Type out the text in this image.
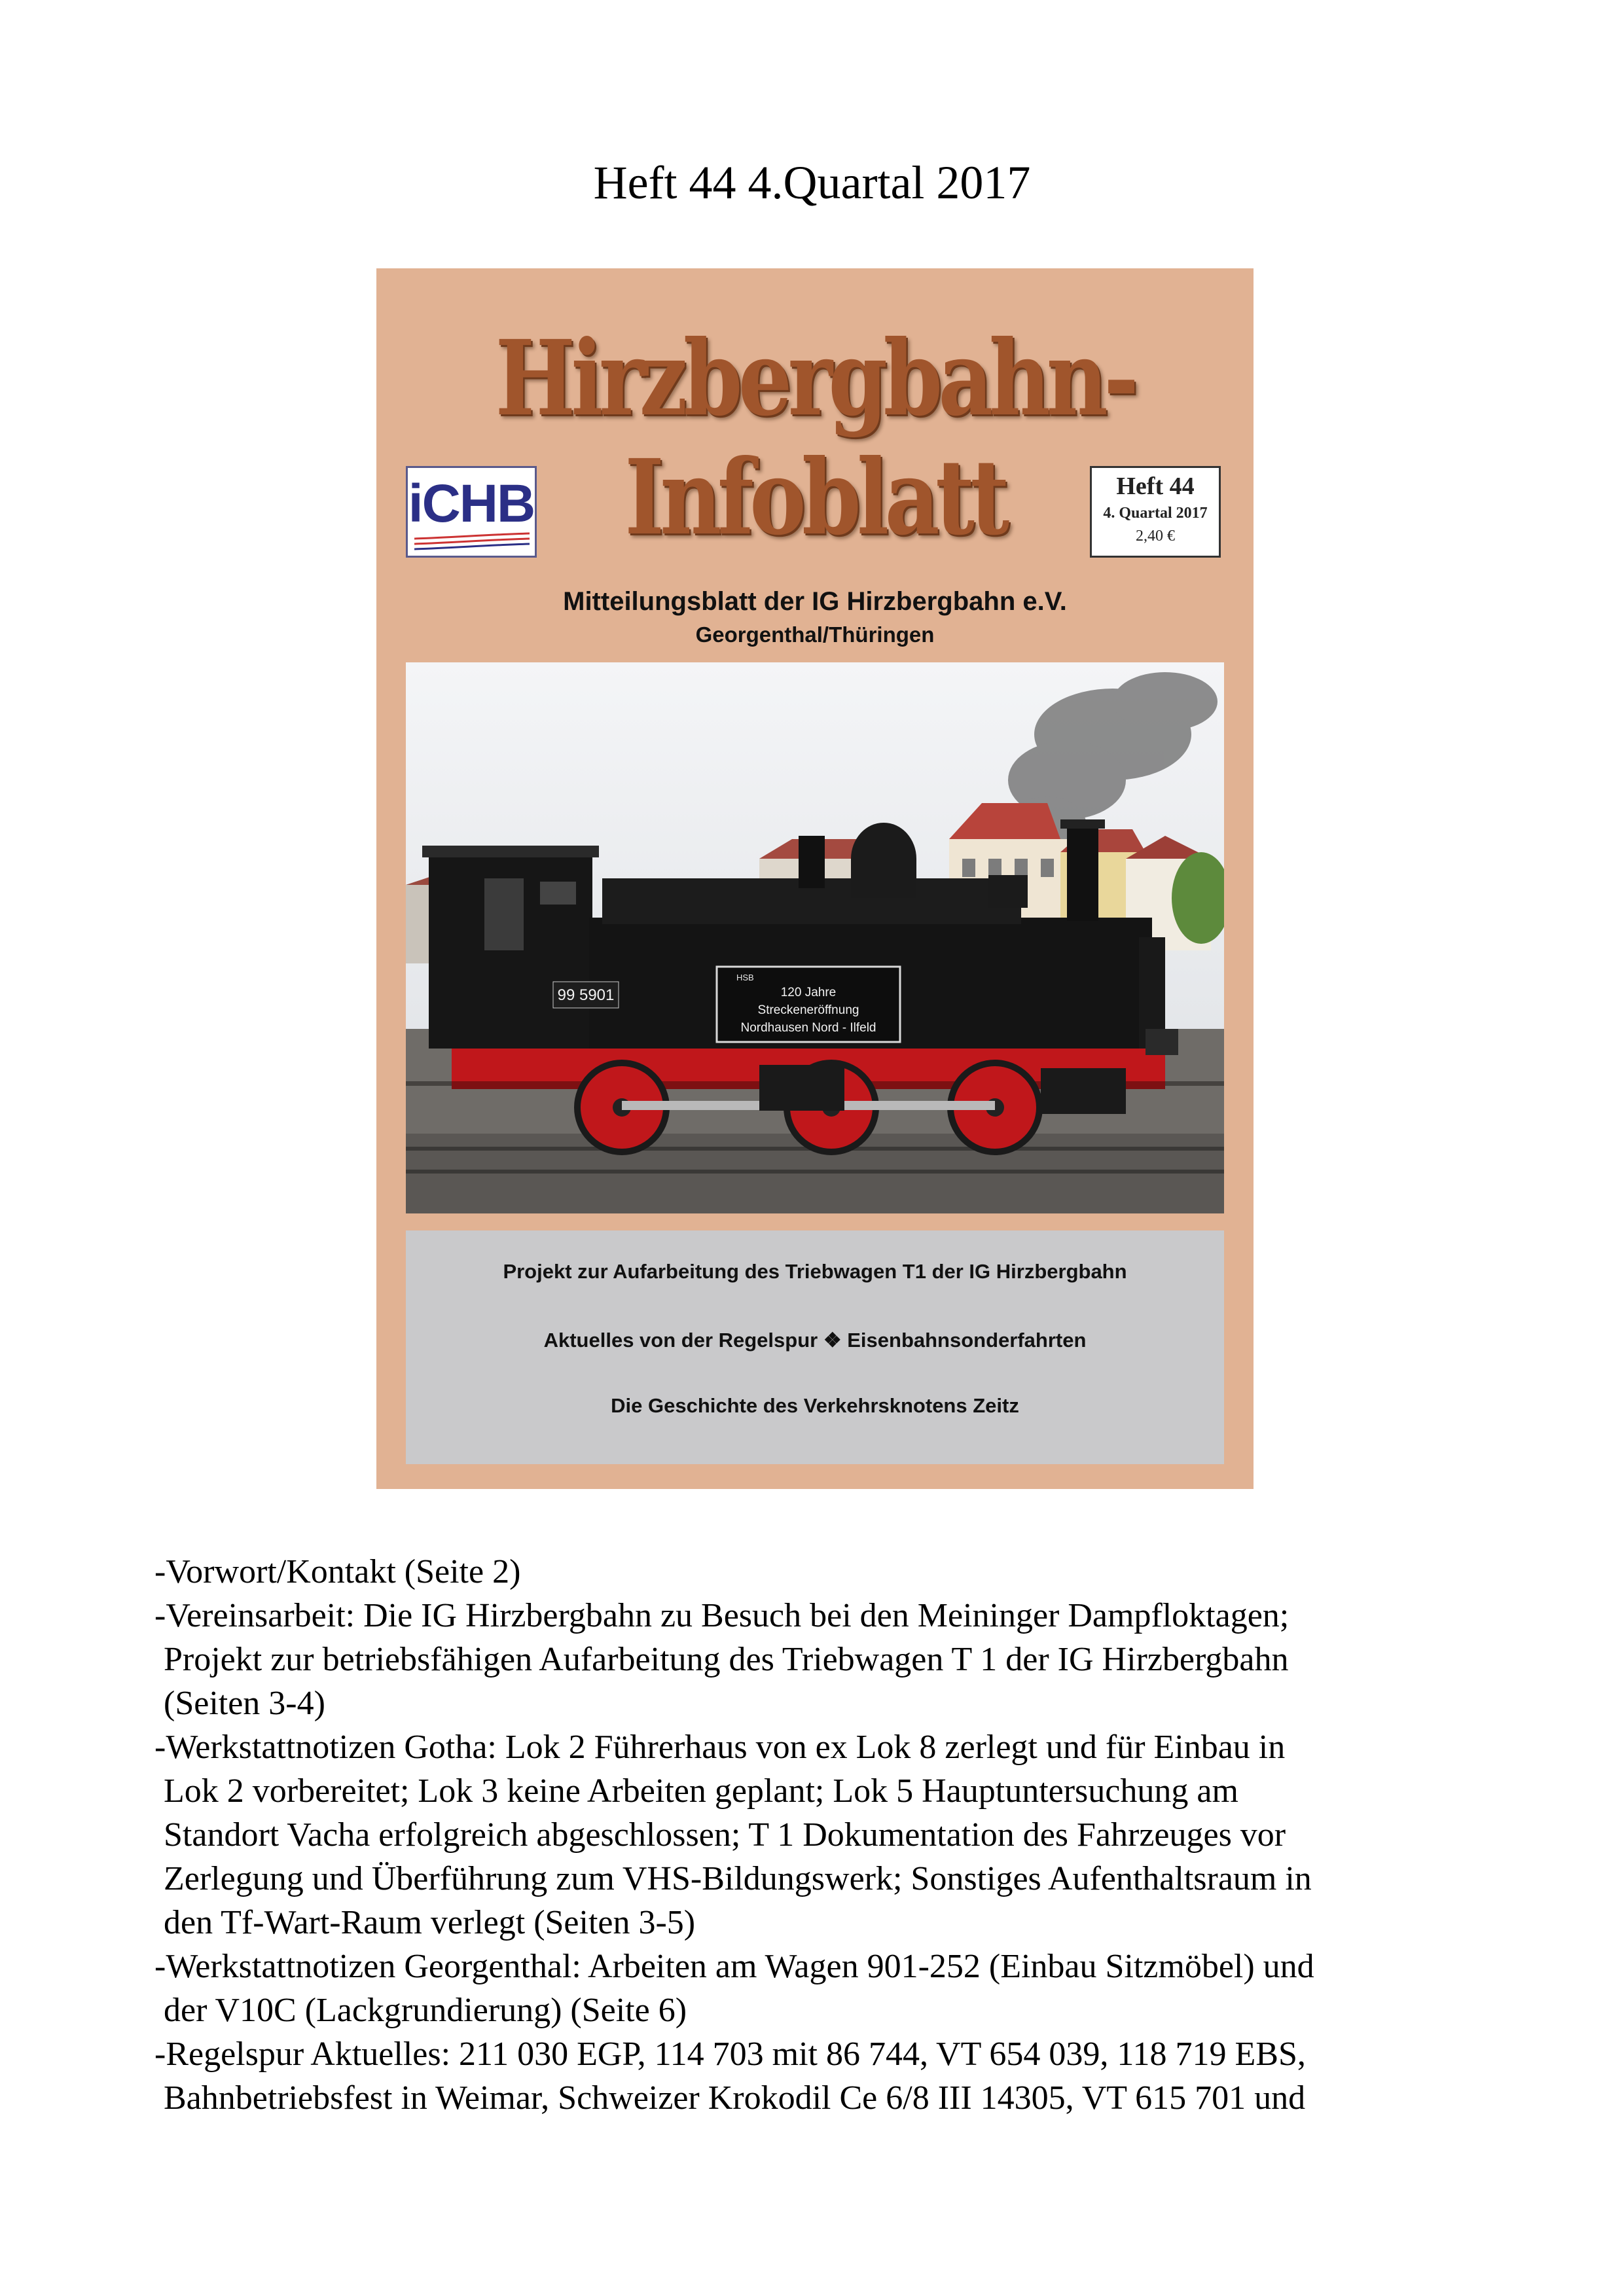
Heft 44 4.Quartal 2017
Hirzbergbahn-
Infoblatt
iCHB	Heft 44
4. Quartal 2017
2,40 €
Mitteilungsblatt der IG Hirzbergbahn e.V.
Georgenthal/Thüringen
99 5901
HSB
120 Jahre
Streckeneröffnung
Nordhausen Nord - Ilfeld
Projekt zur Aufarbeitung des Triebwagen T1 der IG Hirzbergbahn
Aktuelles von der Regelspur ❖ Eisenbahnsonderfahrten
Die Geschichte des Verkehrsknotens Zeitz
-Vorwort/Kontakt (Seite 2)
-Vereinsarbeit: Die IG Hirzbergbahn zu Besuch bei den Meininger Dampfloktagen;
Projekt zur betriebsfähigen Aufarbeitung des Triebwagen T 1 der IG Hirzbergbahn
(Seiten 3-4)
-Werkstattnotizen Gotha: Lok 2 Führerhaus von ex Lok 8 zerlegt und für Einbau in
Lok 2 vorbereitet; Lok 3 keine Arbeiten geplant; Lok 5 Hauptuntersuchung am
Standort Vacha erfolgreich abgeschlossen; T 1 Dokumentation des Fahrzeuges vor
Zerlegung und Überführung zum VHS-Bildungswerk; Sonstiges Aufenthaltsraum in
den Tf-Wart-Raum verlegt (Seiten 3-5)
-Werkstattnotizen Georgenthal: Arbeiten am Wagen 901-252 (Einbau Sitzmöbel) und
der V10C (Lackgrundierung) (Seite 6)
-Regelspur Aktuelles: 211 030 EGP, 114 703 mit 86 744, VT 654 039, 118 719 EBS,
Bahnbetriebsfest in Weimar, Schweizer Krokodil Ce 6/8 III 14305, VT 615 701 und
